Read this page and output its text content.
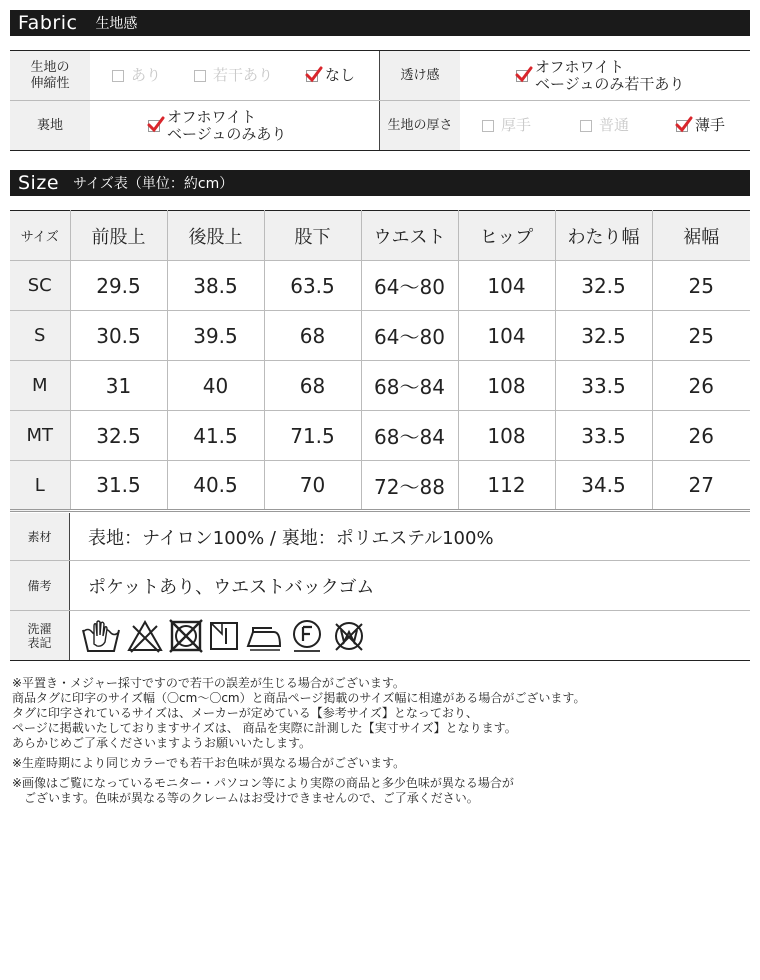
Fabric 生地感
生地の
伸縮性	あり	若干あり	なし	透け感	オフホワイト
ベージュのみ若干あり
裏地	オフホワイト
ベージュのみあり	生地の厚さ	厚手	普通	薄手
Size サイズ表（単位：約cm）
サイズ	前股上	後股上	股下	ウエスト	ヒップ	わたり幅	裾幅
SC	29.5	38.5	63.5	64〜80	104	32.5	25
S	30.5	39.5	68	64〜80	104	32.5	25
M	31	40	68	68〜84	108	33.5	26
MT	32.5	41.5	71.5	68〜84	108	33.5	26
L	31.5	40.5	70	72〜88	112	34.5	27
素材	表地：ナイロン100% / 裏地：ポリエステル100%
備考	ポケットあり、ウエストバックゴム
洗濯
表記

※平置き・メジャー採寸ですので若干の誤差が生じる場合がございます。

商品タグに印字のサイズ幅（〇cm〜〇cm）と商品ページ掲載のサイズ幅に相違がある場合がございます。

タグに印字されているサイズは、メーカーが定めている【参考サイズ】となっており、

ページに掲載いたしておりますサイズは、 商品を実際に計測した【実寸サイズ】となります。

あらかじめご了承くださいますようお願いいたします。

※生産時期により同じカラーでも若干お色味が異なる場合がございます。

※画像はご覧になっているモニター・パソコン等により実際の商品と多少色味が異なる場合が

　ございます。色味が異なる等のクレームはお受けできませんので、ご了承ください。
